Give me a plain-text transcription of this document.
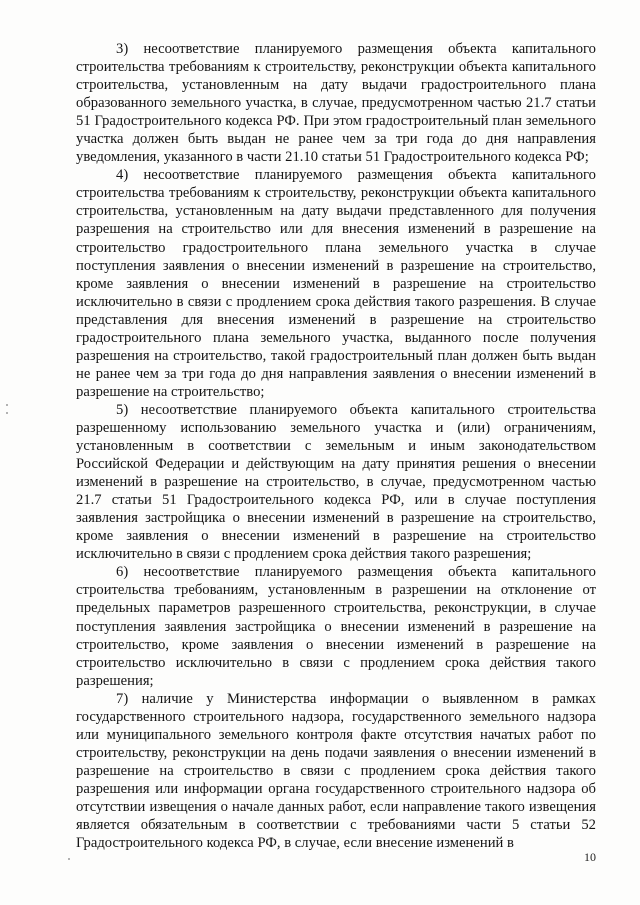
3) несоответствие планируемого размещения объекта капитального строительства требованиям к строительству, реконструкции объекта капитального строительства, установленным на дату выдачи градостроительного плана образованного земельного участка, в случае, предусмотренном частью 21.7 статьи 51 Градостроительного кодекса РФ. При этом градостроительный план земельного участка должен быть выдан не ранее чем за три года до дня направления уведомления, указанного в части 21.10 статьи 51 Градостроительного кодекса РФ;

4) несоответствие планируемого размещения объекта капитального строительства требованиям к строительству, реконструкции объекта капитального строительства, установленным на дату выдачи представленного для получения разрешения на строительство или для внесения изменений в разрешение на строительство градостроительного плана земельного участка в случае поступления заявления о внесении изменений в разрешение на строительство, кроме заявления о внесении изменений в разрешение на строительство исключительно в связи с продлением срока действия такого разрешения. В случае представления для внесения изменений в разрешение на строительство градостроительного плана земельного участка, выданного после получения разрешения на строительство, такой градостроительный план должен быть выдан не ранее чем за три года до дня направления заявления о внесении изменений в разрешение на строительство;

5) несоответствие планируемого объекта капитального строительства разрешенному использованию земельного участка и (или) ограничениям, установленным в соответствии с земельным и иным законодательством Российской Федерации и действующим на дату принятия решения о внесении изменений в разрешение на строительство, в случае, предусмотренном частью 21.7 статьи 51 Градостроительного кодекса РФ, или в случае поступления заявления застройщика о внесении изменений в разрешение на строительство, кроме заявления о внесении изменений в разрешение на строительство исключительно в связи с продлением срока действия такого разрешения;

6) несоответствие планируемого размещения объекта капитального строительства требованиям, установленным в разрешении на отклонение от предельных параметров разрешенного строительства, реконструкции, в случае поступления заявления застройщика о внесении изменений в разрешение на строительство, кроме заявления о внесении изменений в разрешение на строительство исключительно в связи с продлением срока действия такого разрешения;

7) наличие у Министерства информации о выявленном в рамках государственного строительного надзора, государственного земельного надзора или муниципального земельного контроля факте отсутствия начатых работ по строительству, реконструкции на день подачи заявления о внесении изменений в разрешение на строительство в связи с продлением срока действия такого разрешения или информации органа государственного строительного надзора об отсутствии извещения о начале данных работ, если направление такого извещения является обязательным в соответствии с требованиями части 5 статьи 52 Градостроительного кодекса РФ, в случае, если внесение изменений в

10
